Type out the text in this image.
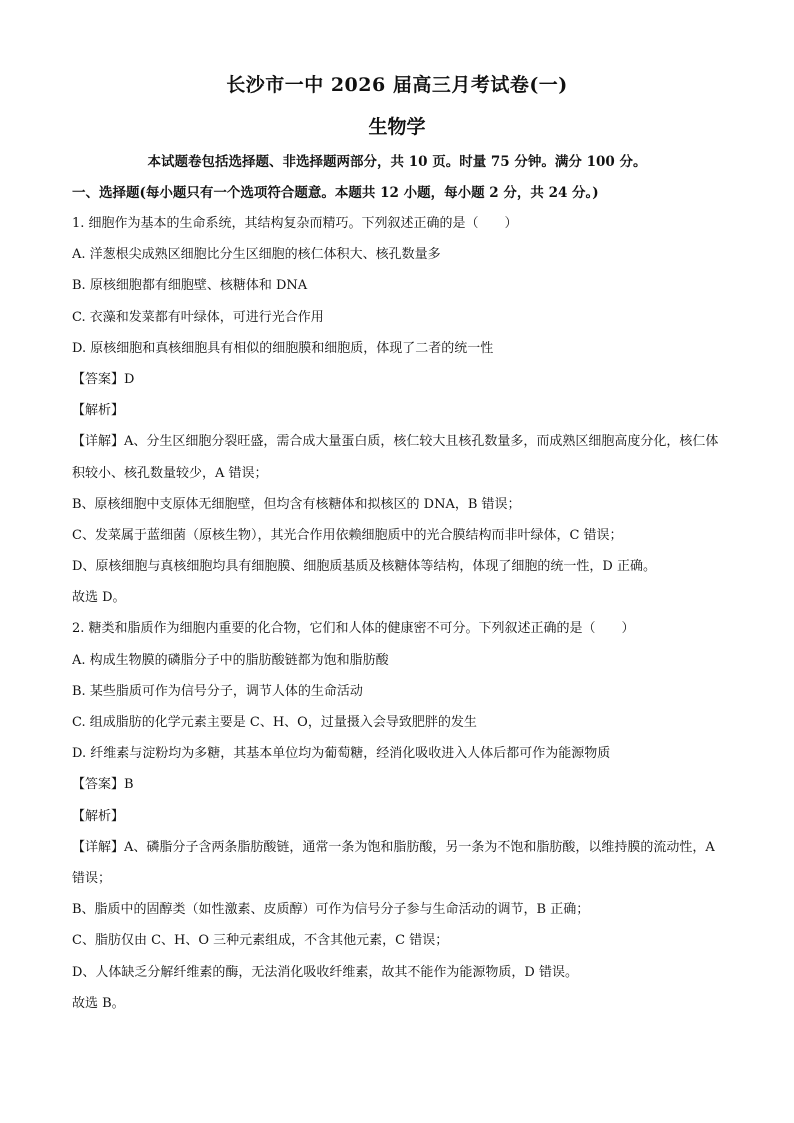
长沙市一中 2026 届高三月考试卷(一)
生物学
本试题卷包括选择题、非选择题两部分，共 10 页。时量 75 分钟。满分 100 分。
一、选择题(每小题只有一个选项符合题意。本题共 12 小题，每小题 2 分，共 24 分。)
1. 细胞作为基本的生命系统，其结构复杂而精巧。下列叙述正确的是（　　）
A. 洋葱根尖成熟区细胞比分生区细胞的核仁体积大、核孔数量多
B. 原核细胞都有细胞壁、核糖体和 DNA
C. 衣藻和发菜都有叶绿体，可进行光合作用
D. 原核细胞和真核细胞具有相似的细胞膜和细胞质，体现了二者的统一性
【答案】D
【解析】
【详解】A、分生区细胞分裂旺盛，需合成大量蛋白质，核仁较大且核孔数量多，而成熟区细胞高度分化，核仁体积较小、核孔数量较少，A 错误；
B、原核细胞中支原体无细胞壁，但均含有核糖体和拟核区的 DNA，B 错误；
C、发菜属于蓝细菌（原核生物），其光合作用依赖细胞质中的光合膜结构而非叶绿体，C 错误；
D、原核细胞与真核细胞均具有细胞膜、细胞质基质及核糖体等结构，体现了细胞的统一性，D 正确。
故选 D。
2. 糖类和脂质作为细胞内重要的化合物，它们和人体的健康密不可分。下列叙述正确的是（　　）
A. 构成生物膜的磷脂分子中的脂肪酸链都为饱和脂肪酸
B. 某些脂质可作为信号分子，调节人体的生命活动
C. 组成脂肪的化学元素主要是 C、H、O，过量摄入会导致肥胖的发生
D. 纤维素与淀粉均为多糖，其基本单位均为葡萄糖，经消化吸收进入人体后都可作为能源物质
【答案】B
【解析】
【详解】A、磷脂分子含两条脂肪酸链，通常一条为饱和脂肪酸，另一条为不饱和脂肪酸，以维持膜的流动性，A 错误；
B、脂质中的固醇类（如性激素、皮质醇）可作为信号分子参与生命活动的调节，B 正确；
C、脂肪仅由 C、H、O 三种元素组成，不含其他元素，C 错误；
D、人体缺乏分解纤维素的酶，无法消化吸收纤维素，故其不能作为能源物质，D 错误。
故选 B。
